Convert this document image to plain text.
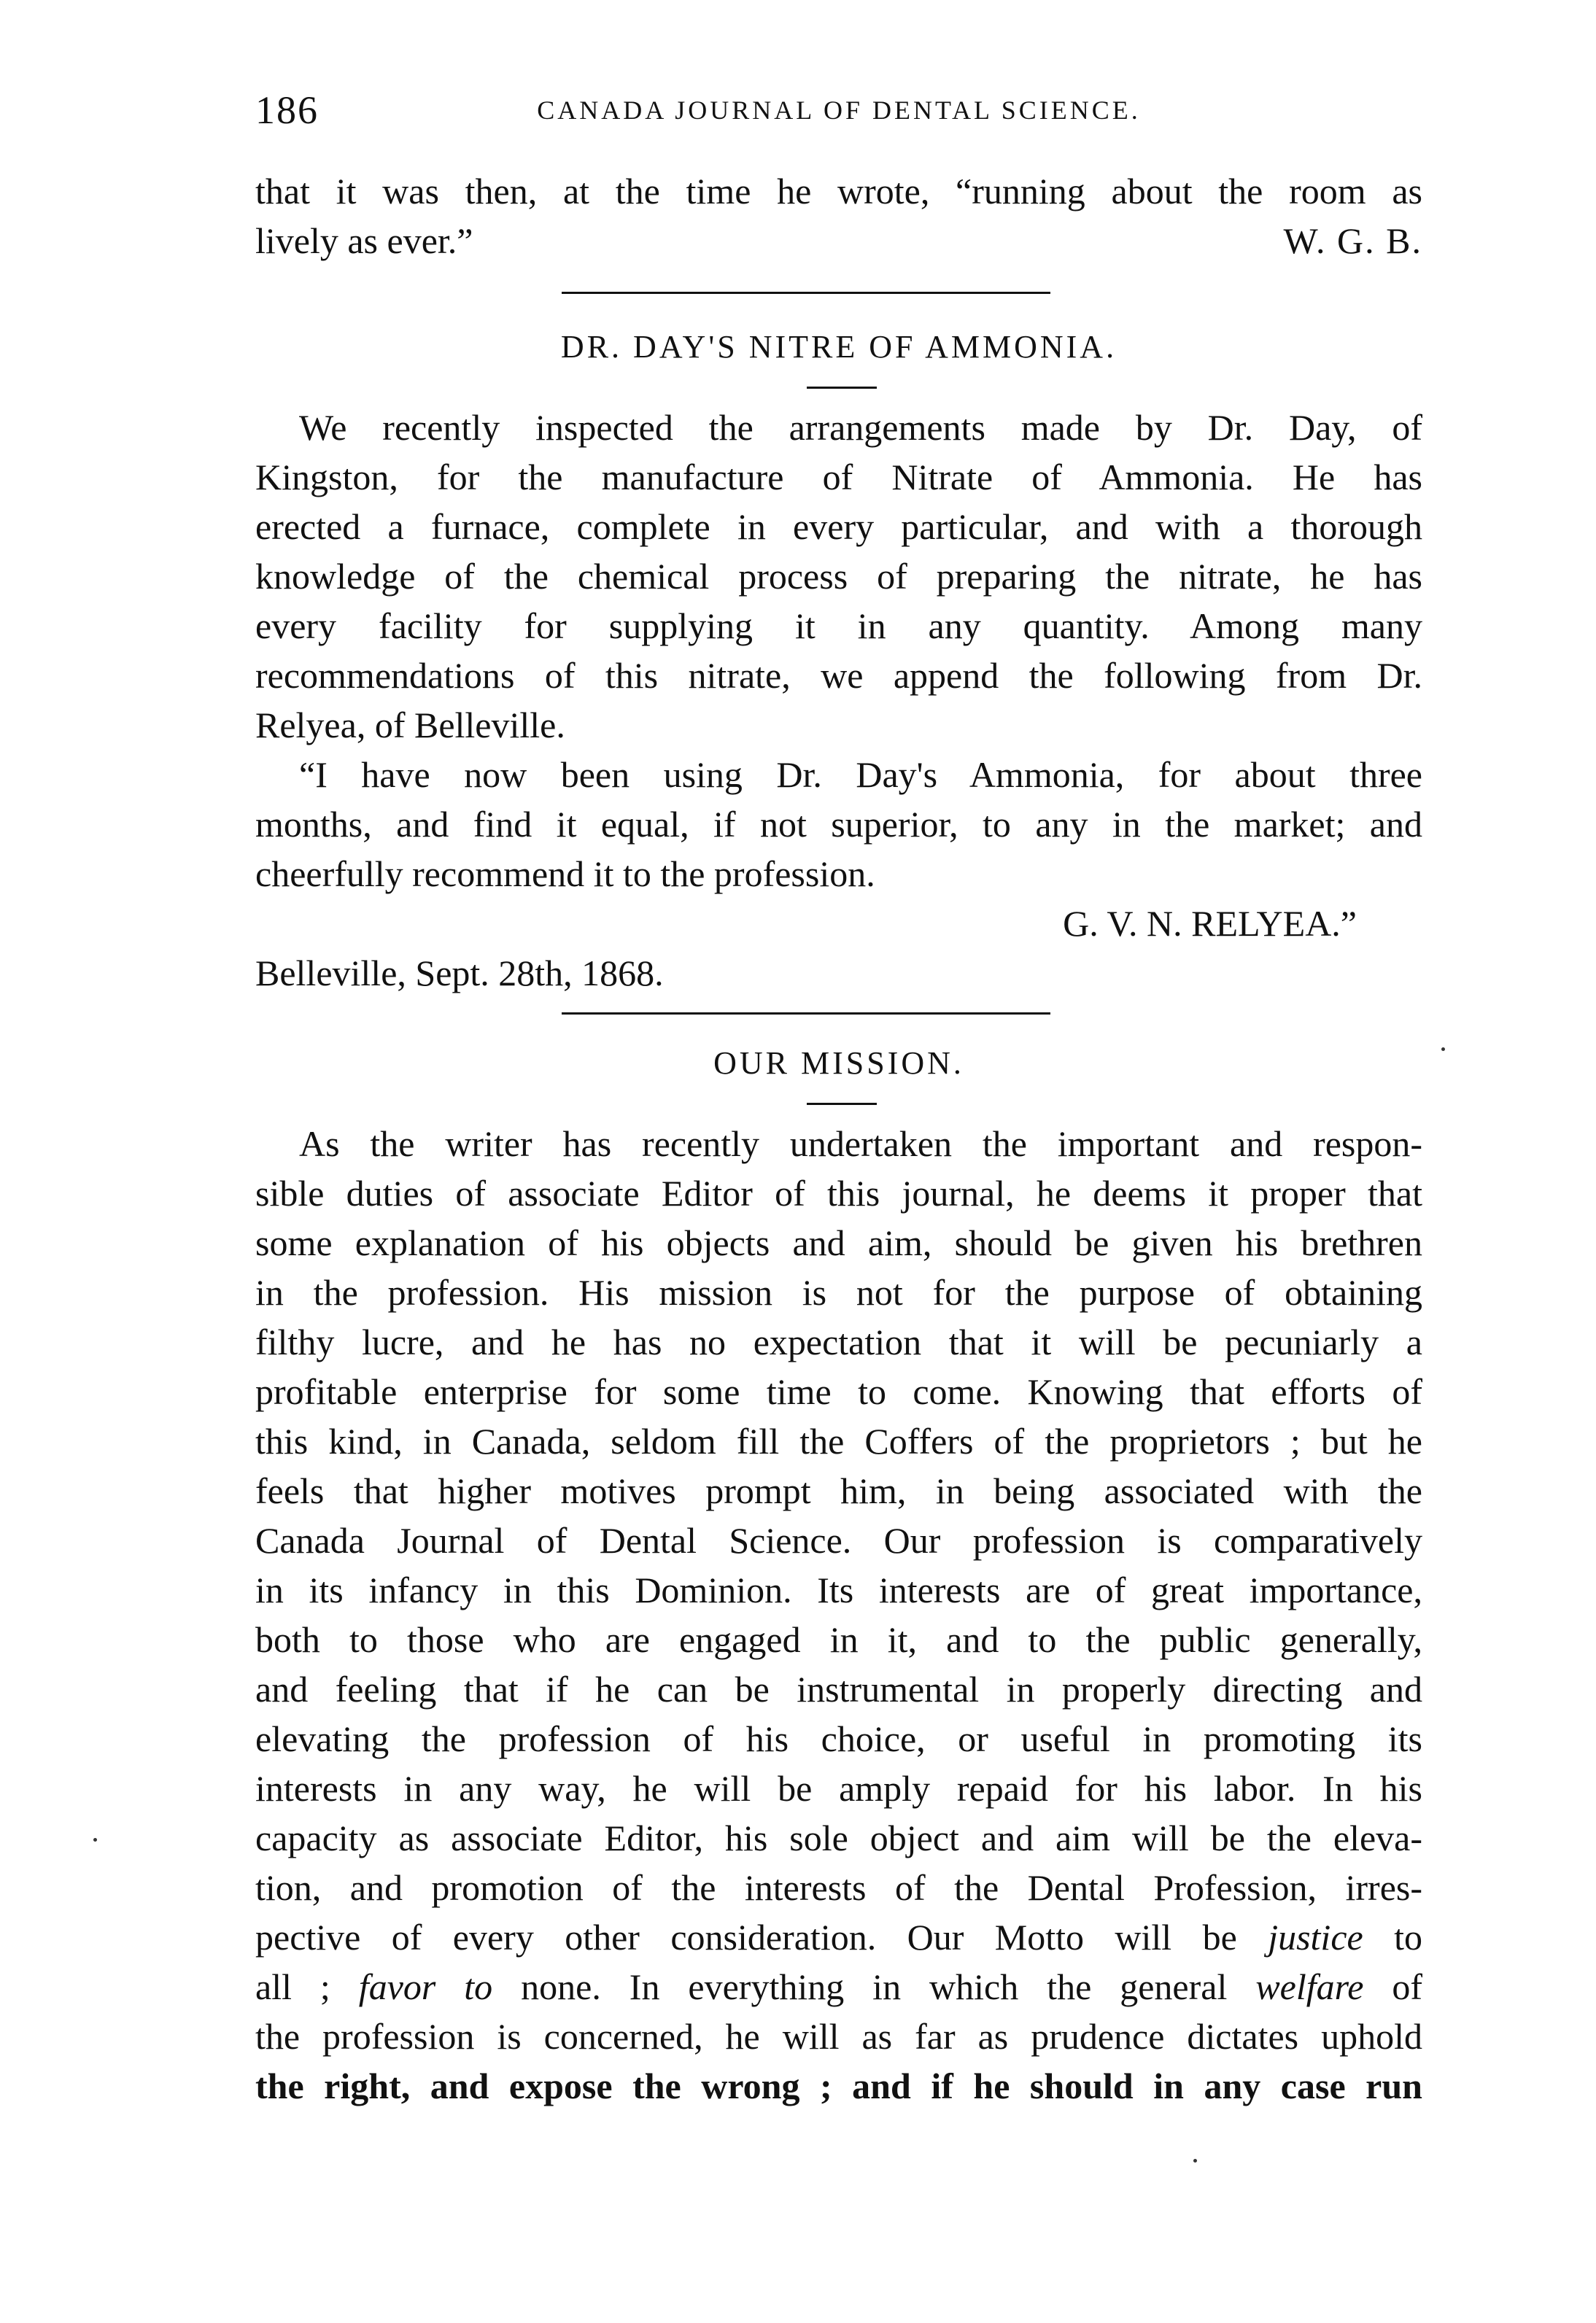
186	CANADA JOURNAL OF DENTAL SCIENCE.
that it was then, at the time he wrote, “running about the room as
lively as ever.”	W. G. B.
DR. DAY'S NITRE OF AMMONIA.
We recently inspected the arrangements made by Dr. Day, of
Kingston, for the manufacture of Nitrate of Ammonia. He has
erected a furnace, complete in every particular, and with a thorough
knowledge of the chemical process of preparing the nitrate, he has
every facility for supplying it in any quantity. Among many
recommendations of this nitrate, we append the following from Dr.
Relyea, of Belleville.
“I have now been using Dr. Day's Ammonia, for about three
months, and find it equal, if not superior, to any in the market; and
cheerfully recommend it to the profession.
G. V. N. RELYEA.”
Belleville, Sept. 28th, 1868.
OUR MISSION.
As the writer has recently undertaken the important and respon-
sible duties of associate Editor of this journal, he deems it proper that
some explanation of his objects and aim, should be given his brethren
in the profession. His mission is not for the purpose of obtaining
filthy lucre, and he has no expectation that it will be pecuniarly a
profitable enterprise for some time to come. Knowing that efforts of
this kind, in Canada, seldom fill the Coffers of the proprietors ; but he
feels that higher motives prompt him, in being associated with the
Canada Journal of Dental Science. Our profession is comparatively
in its infancy in this Dominion. Its interests are of great importance,
both to those who are engaged in it, and to the public generally,
and feeling that if he can be instrumental in properly directing and
elevating the profession of his choice, or useful in promoting its
interests in any way, he will be amply repaid for his labor. In his
capacity as associate Editor, his sole object and aim will be the eleva-
tion, and promotion of the interests of the Dental Profession, irres-
pective of every other consideration. Our Motto will be justice to
all ; favor to none. In everything in which the general welfare of
the profession is concerned, he will as far as prudence dictates uphold
the right, and expose the wrong ; and if he should in any case run
